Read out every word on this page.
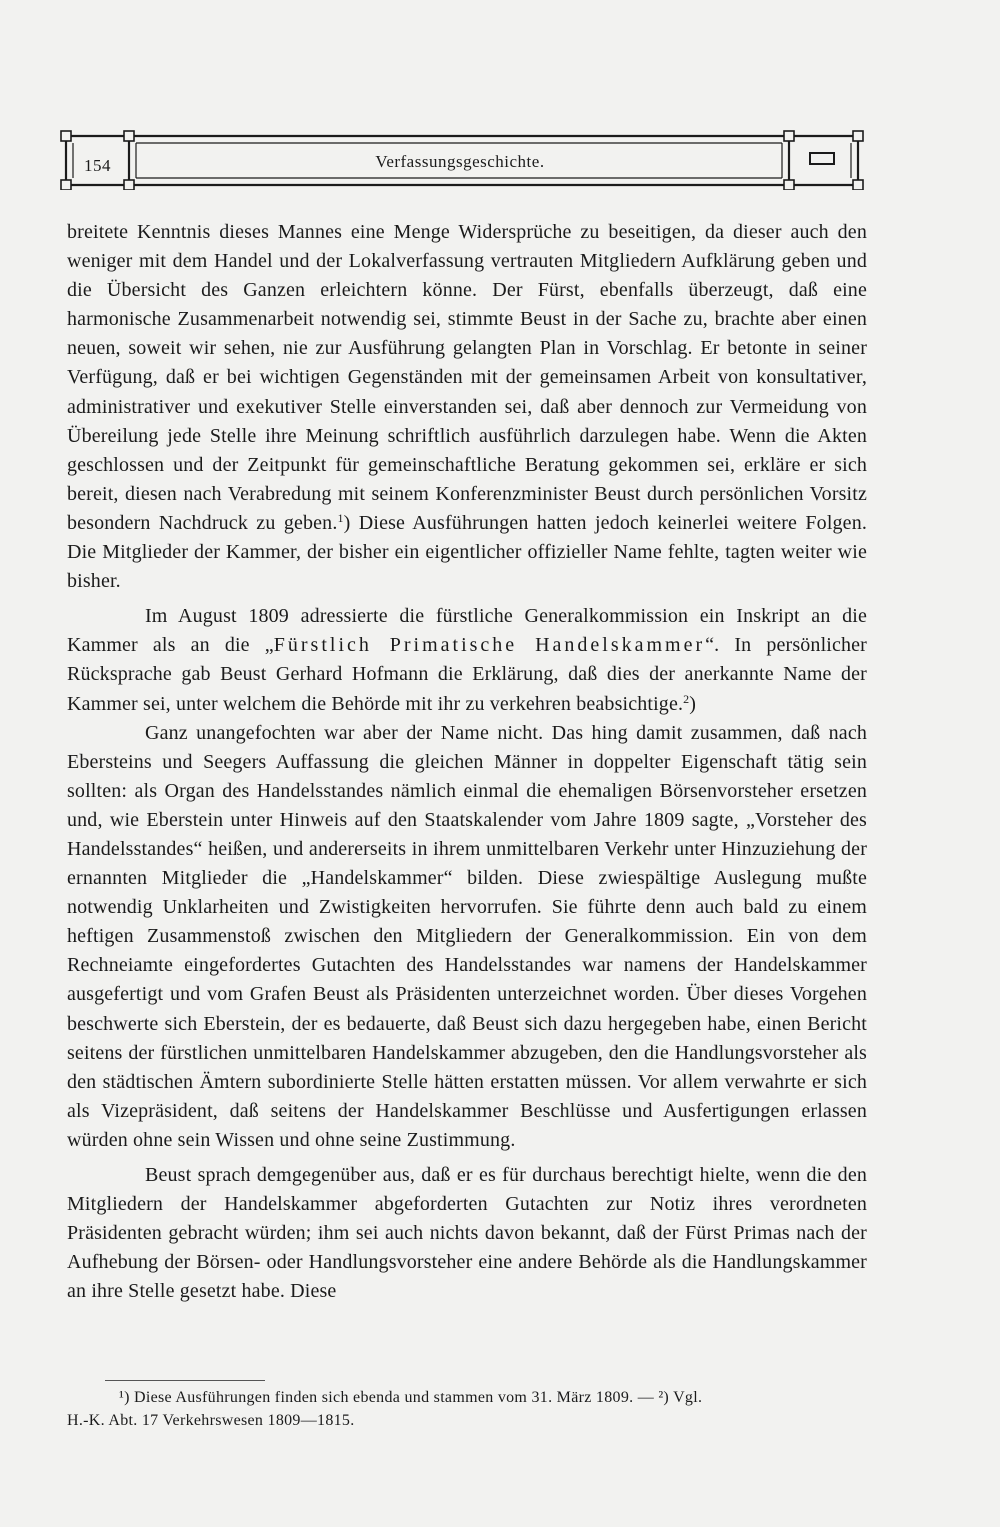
154	Verfassungsgeschichte.

breitete Kenntnis dieses Mannes eine Menge Widersprüche zu beseitigen, da dieser auch den weniger mit dem Handel und der Lokalverfassung vertrauten Mitgliedern Aufklärung geben und die Übersicht des Ganzen erleichtern könne. Der Fürst, ebenfalls überzeugt, daß eine harmonische Zusammenarbeit notwendig sei, stimmte Beust in der Sache zu, brachte aber einen neuen, soweit wir sehen, nie zur Ausführung gelangten Plan in Vorschlag. Er betonte in seiner Verfügung, daß er bei wichtigen Gegenständen mit der gemeinsamen Arbeit von konsultativer, administrativer und exekutiver Stelle einverstanden sei, daß aber dennoch zur Vermeidung von Übereilung jede Stelle ihre Meinung schriftlich ausführlich darzulegen habe. Wenn die Akten geschlossen und der Zeitpunkt für gemeinschaftliche Beratung gekommen sei, erkläre er sich bereit, diesen nach Verabredung mit seinem Konferenzminister Beust durch persönlichen Vorsitz besondern Nachdruck zu geben.$^1$) Diese Ausführungen hatten jedoch keinerlei weitere Folgen. Die Mitglieder der Kammer, der bisher ein eigentlicher offizieller Name fehlte, tagten weiter wie bisher.

Im August 1809 adressierte die fürstliche Generalkommission ein Inskript an die Kammer als an die „Fürstlich Primatische Handelskammer“. In persönlicher Rücksprache gab Beust Gerhard Hofmann die Erklärung, daß dies der anerkannte Name der Kammer sei, unter welchem die Behörde mit ihr zu verkehren beabsichtige.$^2$)

Ganz unangefochten war aber der Name nicht. Das hing damit zusammen, daß nach Ebersteins und Seegers Auffassung die gleichen Männer in doppelter Eigenschaft tätig sein sollten: als Organ des Handelsstandes nämlich einmal die ehemaligen Börsenvorsteher ersetzen und, wie Eberstein unter Hinweis auf den Staatskalender vom Jahre 1809 sagte, „Vorsteher des Handelsstandes“ heißen, und andererseits in ihrem unmittelbaren Verkehr unter Hinzuziehung der ernannten Mitglieder die „Handelskammer“ bilden. Diese zwiespältige Auslegung mußte notwendig Unklarheiten und Zwistigkeiten hervorrufen. Sie führte denn auch bald zu einem heftigen Zusammenstoß zwischen den Mitgliedern der Generalkommission. Ein von dem Rechneiamte eingefordertes Gutachten des Handelsstandes war namens der Handelskammer ausgefertigt und vom Grafen Beust als Präsidenten unterzeichnet worden. Über dieses Vorgehen beschwerte sich Eberstein, der es bedauerte, daß Beust sich dazu hergegeben habe, einen Bericht seitens der fürstlichen unmittelbaren Handelskammer abzugeben, den die Handlungsvorsteher als den städtischen Ämtern subordinierte Stelle hätten erstatten müssen. Vor allem verwahrte er sich als Vizepräsident, daß seitens der Handelskammer Beschlüsse und Ausfertigungen erlassen würden ohne sein Wissen und ohne seine Zustimmung.

Beust sprach demgegenüber aus, daß er es für durchaus berechtigt hielte, wenn die den Mitgliedern der Handelskammer abgeforderten Gutachten zur Notiz ihres verordneten Präsidenten gebracht würden; ihm sei auch nichts davon bekannt, daß der Fürst Primas nach der Aufhebung der Börsen- oder Handlungsvorsteher eine andere Behörde als die Handlungskammer an ihre Stelle gesetzt habe. Diese

¹) Diese Ausführungen finden sich ebenda und stammen vom 31. März 1809. — ²) Vgl.

H.-K. Abt. 17 Verkehrswesen 1809—1815.
